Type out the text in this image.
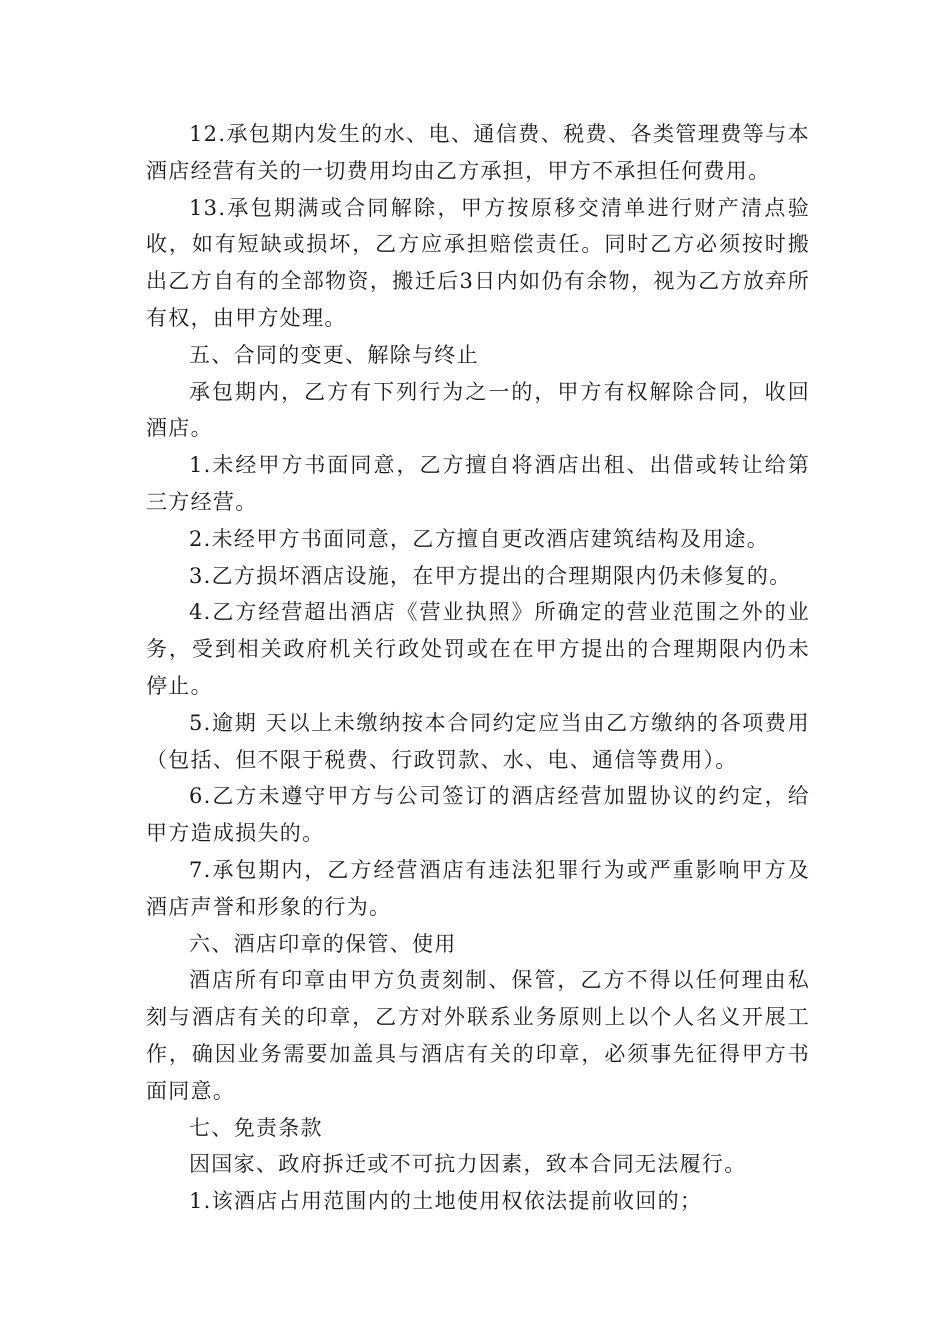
12.承包期内发生的水、电、通信费、税费、各类管理费等与本酒店经营有关的一切费用均由乙方承担，甲方不承担任何费用。

13.承包期满或合同解除，甲方按原移交清单进行财产清点验收，如有短缺或损坏，乙方应承担赔偿责任。同时乙方必须按时搬出乙方自有的全部物资，搬迁后3日内如仍有余物，视为乙方放弃所有权，由甲方处理。

五、合同的变更、解除与终止

承包期内，乙方有下列行为之一的，甲方有权解除合同，收回酒店。

1.未经甲方书面同意，乙方擅自将酒店出租、出借或转让给第三方经营。

2.未经甲方书面同意，乙方擅自更改酒店建筑结构及用途。

3.乙方损坏酒店设施，在甲方提出的合理期限内仍未修复的。

4.乙方经营超出酒店《营业执照》所确定的营业范围之外的业务，受到相关政府机关行政处罚或在在甲方提出的合理期限内仍未停止。

5.逾期 天以上未缴纳按本合同约定应当由乙方缴纳的各项费用（包括、但不限于税费、行政罚款、水、电、通信等费用）。

6.乙方未遵守甲方与公司签订的酒店经营加盟协议的约定，给甲方造成损失的。

7.承包期内，乙方经营酒店有违法犯罪行为或严重影响甲方及酒店声誉和形象的行为。

六、酒店印章的保管、使用

酒店所有印章由甲方负责刻制、保管，乙方不得以任何理由私刻与酒店有关的印章，乙方对外联系业务原则上以个人名义开展工作，确因业务需要加盖具与酒店有关的印章，必须事先征得甲方书面同意。

七、免责条款

因国家、政府拆迁或不可抗力因素，致本合同无法履行。

1.该酒店占用范围内的土地使用权依法提前收回的；
